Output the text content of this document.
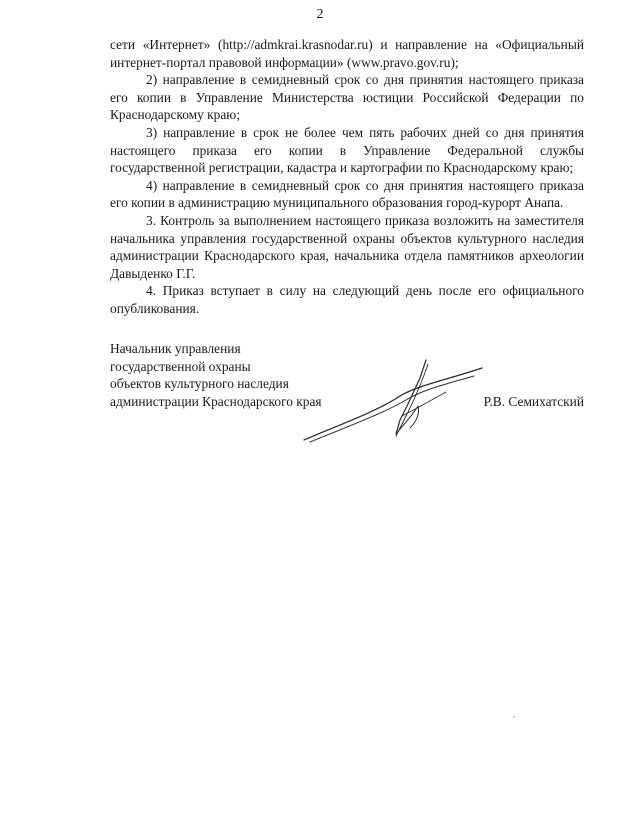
2

сети «Интернет» (http://admkrai.krasnodar.ru) и направление на «Официальный интернет-портал правовой информации» (www.pravo.gov.ru);

2) направление в семидневный срок со дня принятия настоящего приказа его копии в Управление Министерства юстиции Российской Федерации по Краснодарскому краю;

3) направление в срок не более чем пять рабочих дней со дня принятия настоящего приказа его копии в Управление Федеральной службы государственной регистрации, кадастра и картографии по Краснодарскому краю;

4) направление в семидневный срок со дня принятия настоящего приказа его копии в администрацию муниципального образования город-курорт Анапа.

3. Контроль за выполнением настоящего приказа возложить на заместителя начальника управления государственной охраны объектов культурного наследия администрации Краснодарского края, начальника отдела памятников археологии Давыденко Г.Г.

4. Приказ вступает в силу на следующий день после его официального опубликования.

Начальник управления
государственной охраны
объектов культурного наследия
администрации Краснодарского края	Р.В. Семихатский
